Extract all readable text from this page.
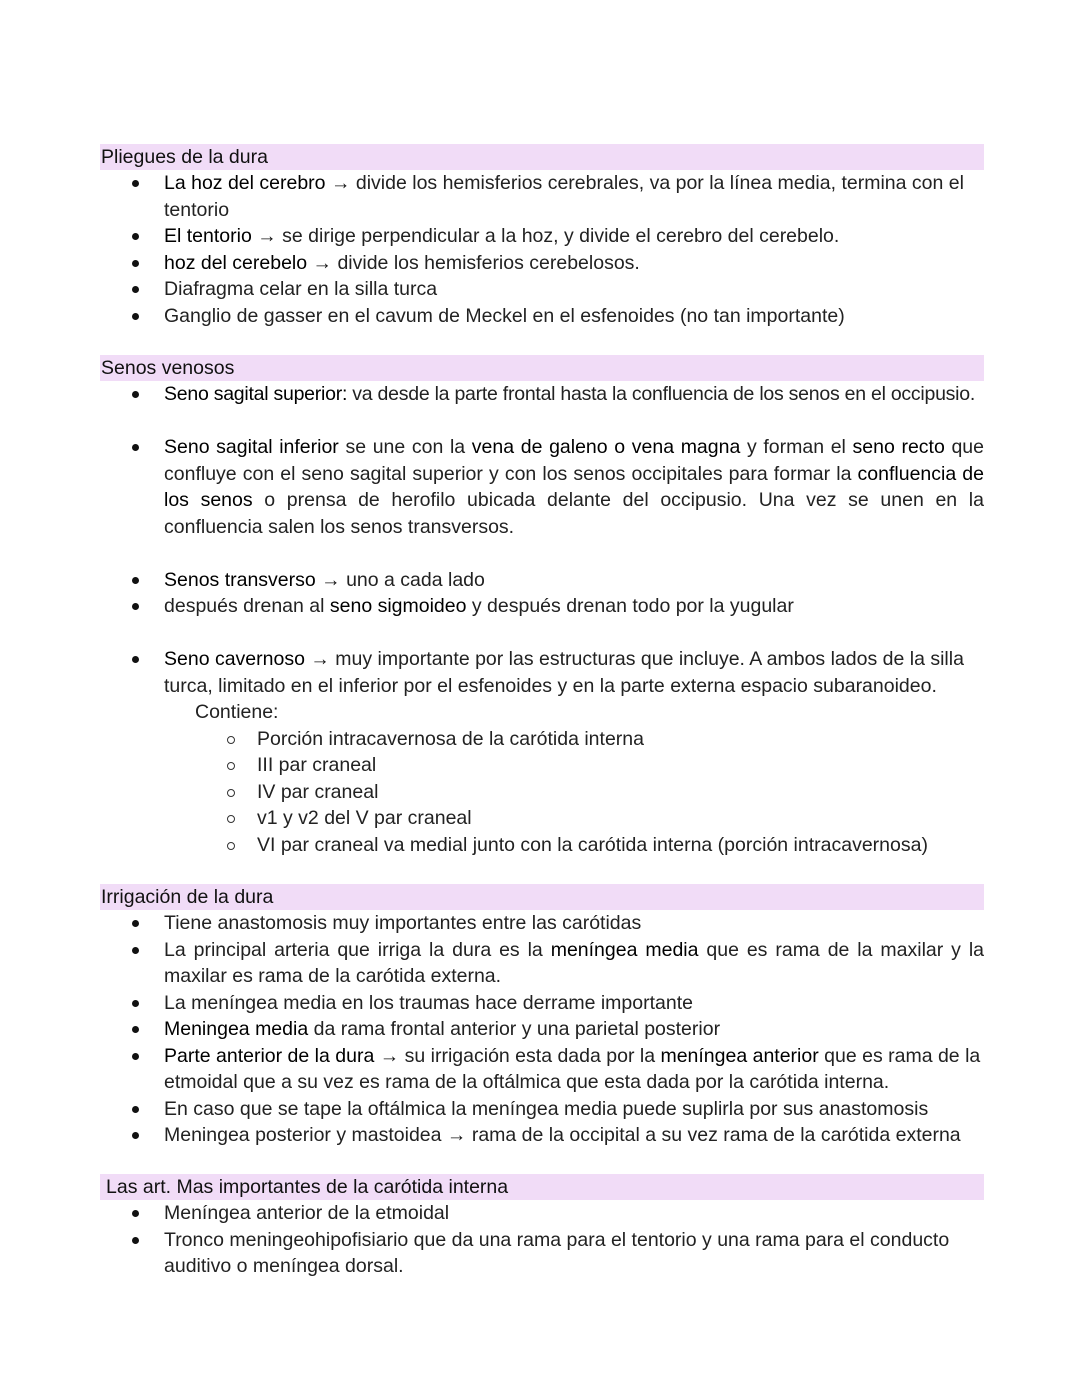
Pliegues de la dura
La hoz del cerebro → divide los hemisferios cerebrales, va por la línea media, termina con el tentorio
El tentorio → se dirige perpendicular a la hoz, y divide el cerebro del cerebelo.
hoz del cerebelo → divide los hemisferios cerebelosos.
Diafragma celar en la silla turca
Ganglio de gasser en el cavum de Meckel en el esfenoides (no tan importante)
Senos venosos
Seno sagital superior: va desde la parte frontal hasta la confluencia de los senos en el occipusio.
Seno sagital inferior se une con la vena de galeno o vena magna y forman el seno recto que confluye con el seno sagital superior y con los senos occipitales para formar la confluencia de los senos o prensa de herofilo ubicada delante del occipusio. Una vez se unen en la confluencia salen los senos transversos.
Senos transverso → uno a cada lado
después drenan al seno sigmoideo y después drenan todo por la yugular
Seno cavernoso → muy importante por las estructuras que incluye. A ambos lados de la silla turca, limitado en el inferior por el esfenoides y en la parte externa espacio subaranoideo.
Contiene:
Porción intracavernosa de la carótida interna
III par craneal
IV par craneal
v1 y v2 del V par craneal
VI par craneal va medial junto con la carótida interna (porción intracavernosa)
Irrigación de la dura
Tiene anastomosis muy importantes entre las carótidas
La principal arteria que irriga la dura es la meníngea media que es rama de la maxilar y la maxilar es rama de la carótida externa.
La meníngea media en los traumas hace derrame importante
Meningea media da rama frontal anterior y una parietal posterior
Parte anterior de la dura → su irrigación esta dada por la meníngea anterior que es rama de la etmoidal que a su vez es rama de la oftálmica que esta dada por la carótida interna.
En caso que se tape la oftálmica la meníngea media puede suplirla por sus anastomosis
Meningea posterior y mastoidea → rama de la occipital a su vez rama de la carótida externa
Las art. Mas importantes de la carótida interna
Meníngea anterior de la etmoidal
Tronco meningeohipofisiario que da una rama para el tentorio y una rama para el conducto auditivo o meníngea dorsal.
